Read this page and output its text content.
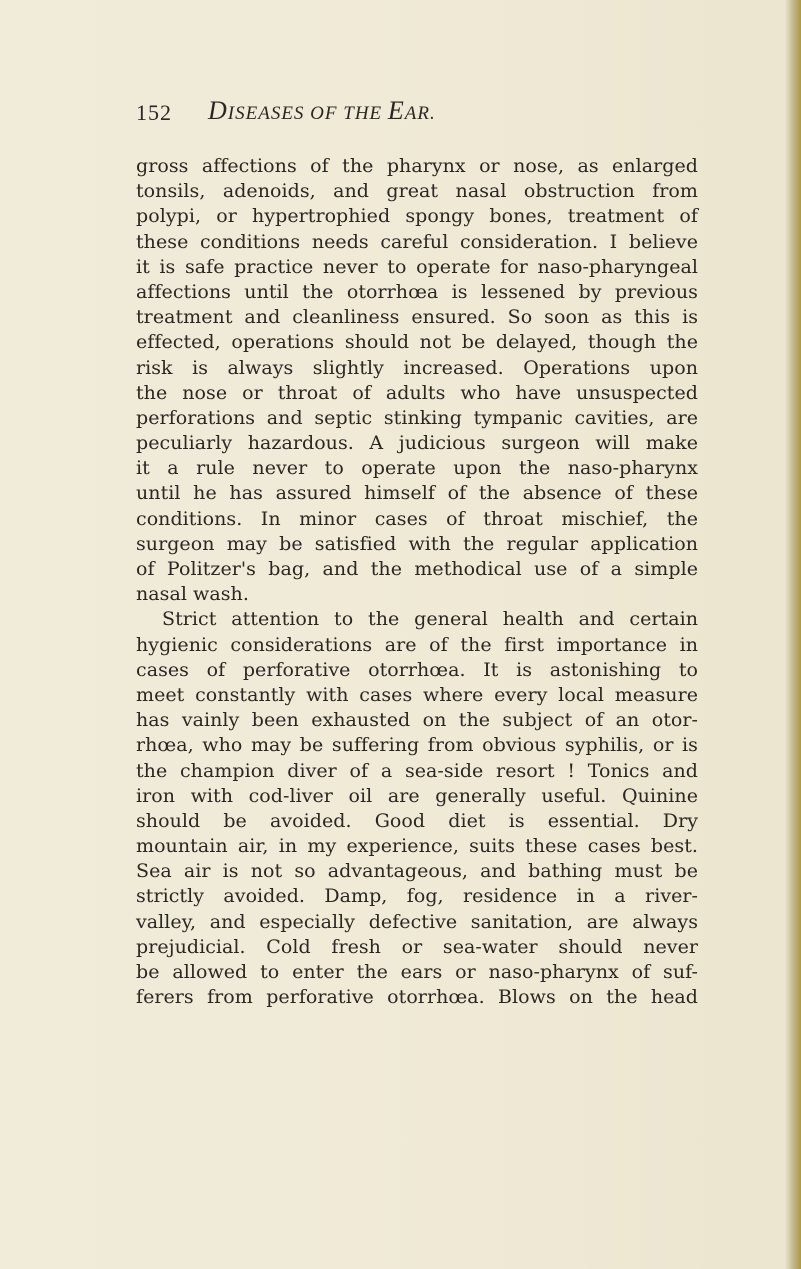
152 DISEASES OF THE EAR.
gross affections of the pharynx or nose, as enlarged
tonsils, adenoids, and great nasal obstruction from
polypi, or hypertrophied spongy bones, treatment of
these conditions needs careful consideration. I believe
it is safe practice never to operate for naso-pharyngeal
affections until the otorrhœa is lessened by previous
treatment and cleanliness ensured. So soon as this is
effected, operations should not be delayed, though the
risk is always slightly increased. Operations upon
the nose or throat of adults who have unsuspected
perforations and septic stinking tympanic cavities, are
peculiarly hazardous. A judicious surgeon will make
it a rule never to operate upon the naso-pharynx
until he has assured himself of the absence of these
conditions. In minor cases of throat mischief, the
surgeon may be satisfied with the regular application
of Politzer's bag, and the methodical use of a simple
nasal wash.
Strict attention to the general health and certain
hygienic considerations are of the first importance in
cases of perforative otorrhœa. It is astonishing to
meet constantly with cases where every local measure
has vainly been exhausted on the subject of an otor-
rhœa, who may be suffering from obvious syphilis, or is
the champion diver of a sea-side resort ! Tonics and
iron with cod-liver oil are generally useful. Quinine
should be avoided. Good diet is essential. Dry
mountain air, in my experience, suits these cases best.
Sea air is not so advantageous, and bathing must be
strictly avoided. Damp, fog, residence in a river-
valley, and especially defective sanitation, are always
prejudicial. Cold fresh or sea-water should never
be allowed to enter the ears or naso-pharynx of suf-
ferers from perforative otorrhœa. Blows on the head
